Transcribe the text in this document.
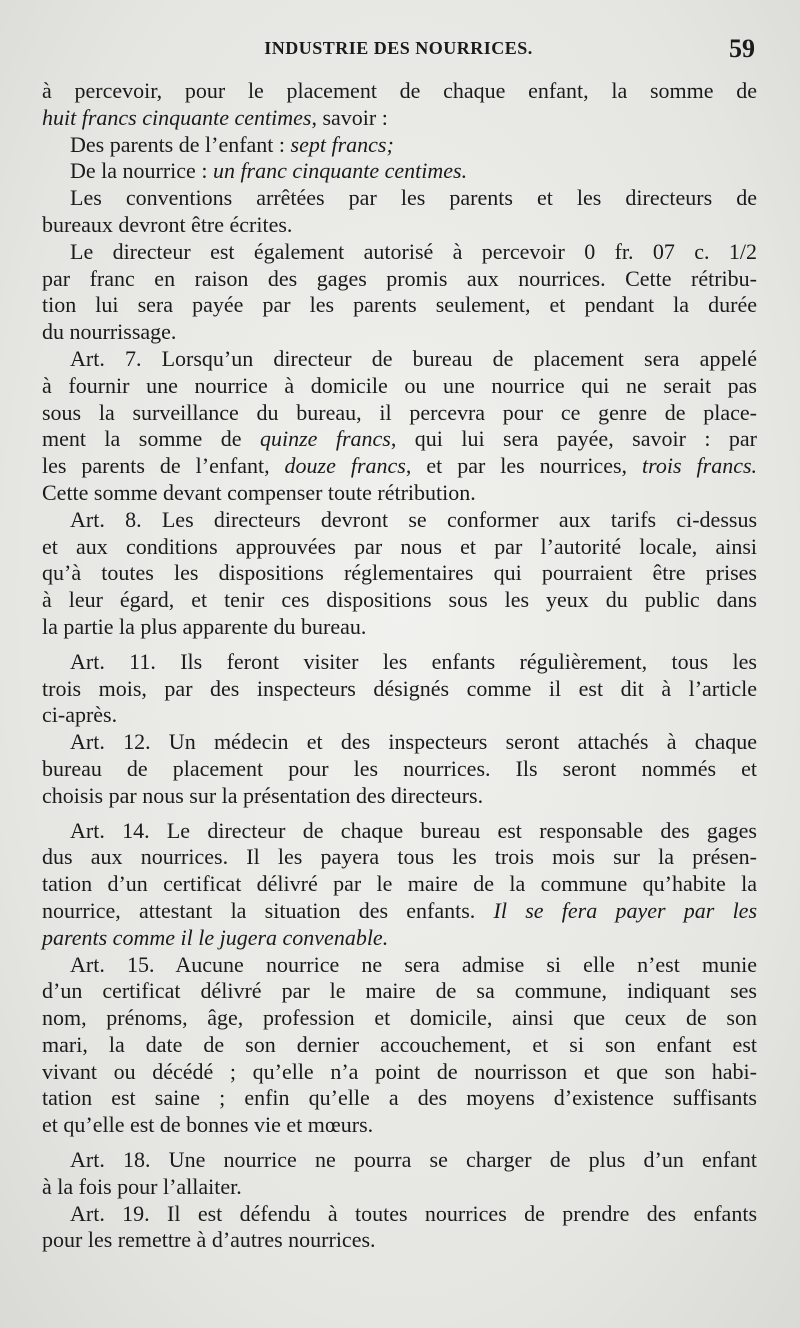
INDUSTRIE DES NOURRICES.	59
à percevoir, pour le placement de chaque enfant, la somme de
huit francs cinquante centimes, savoir :
Des parents de l’enfant : sept francs;
De la nourrice : un franc cinquante centimes.
Les conventions arrêtées par les parents et les directeurs de
bureaux devront être écrites.
Le directeur est également autorisé à percevoir 0 fr. 07 c. 1/2
par franc en raison des gages promis aux nourrices. Cette rétribu-
tion lui sera payée par les parents seulement, et pendant la durée
du nourrissage.
Art. 7. Lorsqu’un directeur de bureau de placement sera appelé
à fournir une nourrice à domicile ou une nourrice qui ne serait pas
sous la surveillance du bureau, il percevra pour ce genre de place-
ment la somme de quinze francs, qui lui sera payée, savoir : par
les parents de l’enfant, douze francs, et par les nourrices, trois francs.
Cette somme devant compenser toute rétribution.
Art. 8. Les directeurs devront se conformer aux tarifs ci-dessus
et aux conditions approuvées par nous et par l’autorité locale, ainsi
qu’à toutes les dispositions réglementaires qui pourraient être prises
à leur égard, et tenir ces dispositions sous les yeux du public dans
la partie la plus apparente du bureau.
Art. 11. Ils feront visiter les enfants régulièrement, tous les
trois mois, par des inspecteurs désignés comme il est dit à l’article
ci-après.
Art. 12. Un médecin et des inspecteurs seront attachés à chaque
bureau de placement pour les nourrices. Ils seront nommés et
choisis par nous sur la présentation des directeurs.
Art. 14. Le directeur de chaque bureau est responsable des gages
dus aux nourrices. Il les payera tous les trois mois sur la présen-
tation d’un certificat délivré par le maire de la commune qu’habite la
nourrice, attestant la situation des enfants. Il se fera payer par les
parents comme il le jugera convenable.
Art. 15. Aucune nourrice ne sera admise si elle n’est munie
d’un certificat délivré par le maire de sa commune, indiquant ses
nom, prénoms, âge, profession et domicile, ainsi que ceux de son
mari, la date de son dernier accouchement, et si son enfant est
vivant ou décédé ; qu’elle n’a point de nourrisson et que son habi-
tation est saine ; enfin qu’elle a des moyens d’existence suffisants
et qu’elle est de bonnes vie et mœurs.
Art. 18. Une nourrice ne pourra se charger de plus d’un enfant
à la fois pour l’allaiter.
Art. 19. Il est défendu à toutes nourrices de prendre des enfants
pour les remettre à d’autres nourrices.
